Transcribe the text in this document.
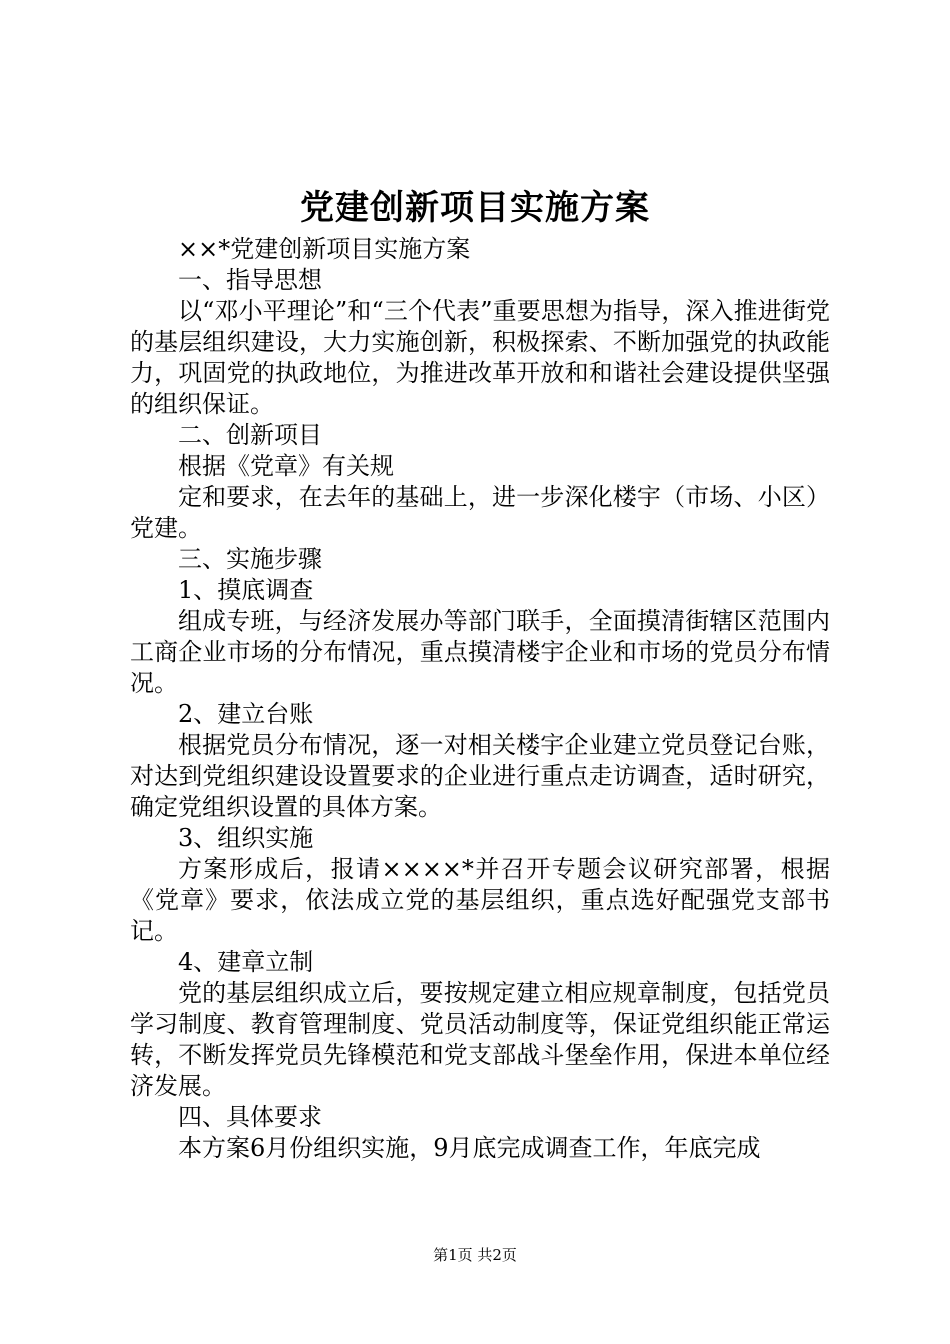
党建创新项目实施方案

××*党建创新项目实施方案

一、指导思想

以“邓小平理论”和“三个代表”重要思想为指导，深入推进街党的基层组织建设，大力实施创新，积极探索、不断加强党的执政能力，巩固党的执政地位，为推进改革开放和和谐社会建设提供坚强的组织保证。

二、创新项目

根据《党章》有关规

定和要求，在去年的基础上，进一步深化楼宇（市场、小区）党建。

三、实施步骤

1、摸底调查

组成专班，与经济发展办等部门联手，全面摸清街辖区范围内工商企业市场的分布情况，重点摸清楼宇企业和市场的党员分布情况。

2、建立台账

根据党员分布情况，逐一对相关楼宇企业建立党员登记台账，对达到党组织建设设置要求的企业进行重点走访调查，适时研究，确定党组织设置的具体方案。

3、组织实施

方案形成后，报请××××*并召开专题会议研究部署，根据《党章》要求，依法成立党的基层组织，重点选好配强党支部书记。

4、建章立制

党的基层组织成立后，要按规定建立相应规章制度，包括党员学习制度、教育管理制度、党员活动制度等，保证党组织能正常运转，不断发挥党员先锋模范和党支部战斗堡垒作用，保进本单位经济发展。

四、具体要求

本方案6月份组织实施，9月底完成调查工作，年底完成

第1页 共2页
